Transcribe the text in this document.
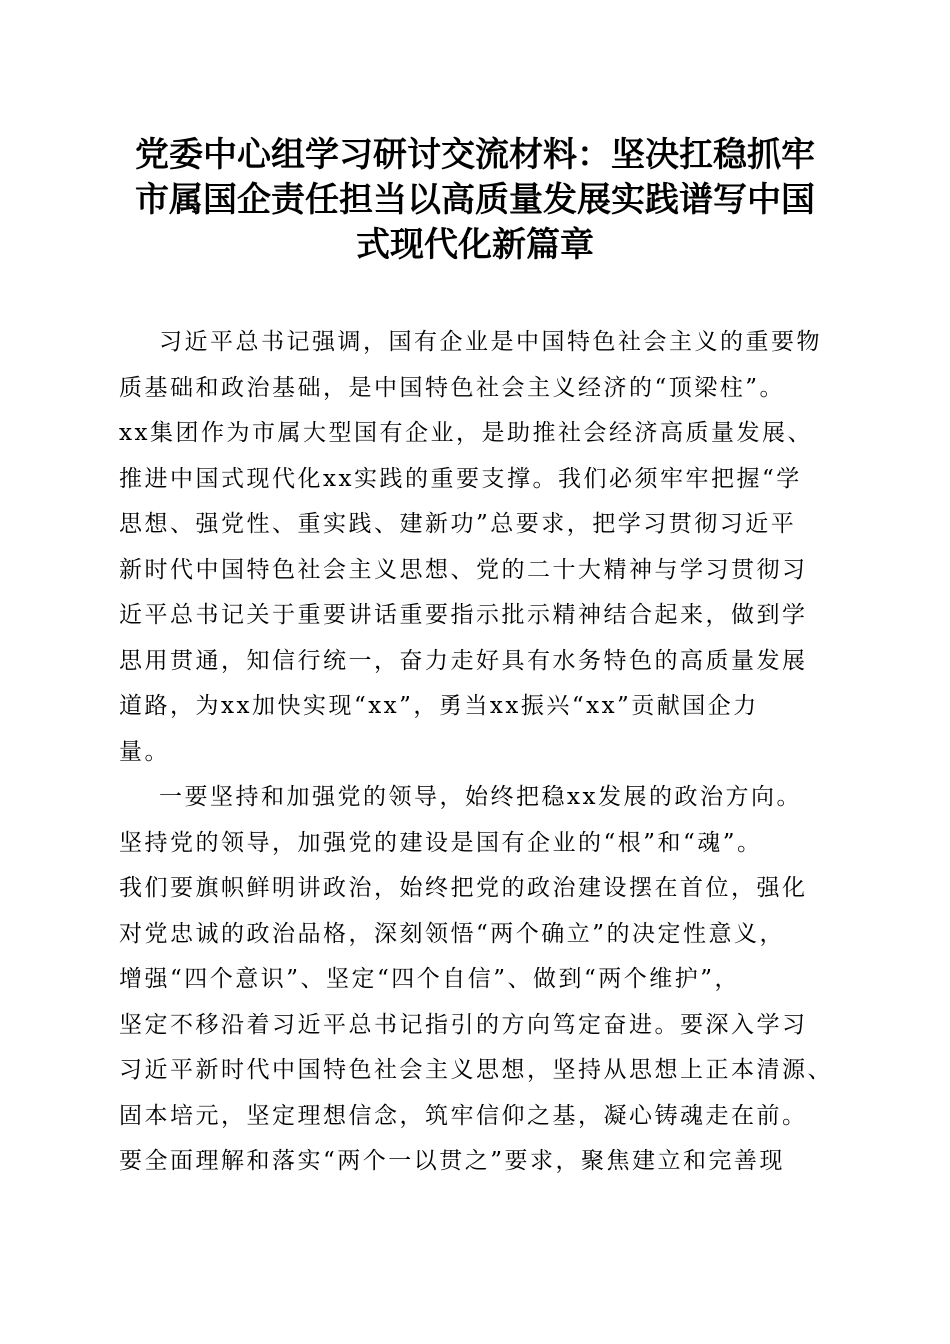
党委中心组学习研讨交流材料：坚决扛稳抓牢
市属国企责任担当以高质量发展实践谱写中国
式现代化新篇章
习近平总书记强调，国有企业是中国特色社会主义的重要物
质基础和政治基础，是中国特色社会主义经济的“顶梁柱”。
xx集团作为市属大型国有企业，是助推社会经济高质量发展、
推进中国式现代化xx实践的重要支撑。我们必须牢牢把握“学
思想、强党性、重实践、建新功”总要求，把学习贯彻习近平
新时代中国特色社会主义思想、党的二十大精神与学习贯彻习
近平总书记关于重要讲话重要指示批示精神结合起来，做到学
思用贯通，知信行统一，奋力走好具有水务特色的高质量发展
道路，为xx加快实现“xx”，勇当xx振兴“xx”贡献国企力
量。
一要坚持和加强党的领导，始终把稳xx发展的政治方向。
坚持党的领导，加强党的建设是国有企业的“根”和“魂”。
我们要旗帜鲜明讲政治，始终把党的政治建设摆在首位，强化
对党忠诚的政治品格，深刻领悟“两个确立”的决定性意义，
增强“四个意识”、坚定“四个自信”、做到“两个维护”，
坚定不移沿着习近平总书记指引的方向笃定奋进。要深入学习
习近平新时代中国特色社会主义思想，坚持从思想上正本清源、
固本培元，坚定理想信念，筑牢信仰之基，凝心铸魂走在前。
要全面理解和落实“两个一以贯之”要求，聚焦建立和完善现
